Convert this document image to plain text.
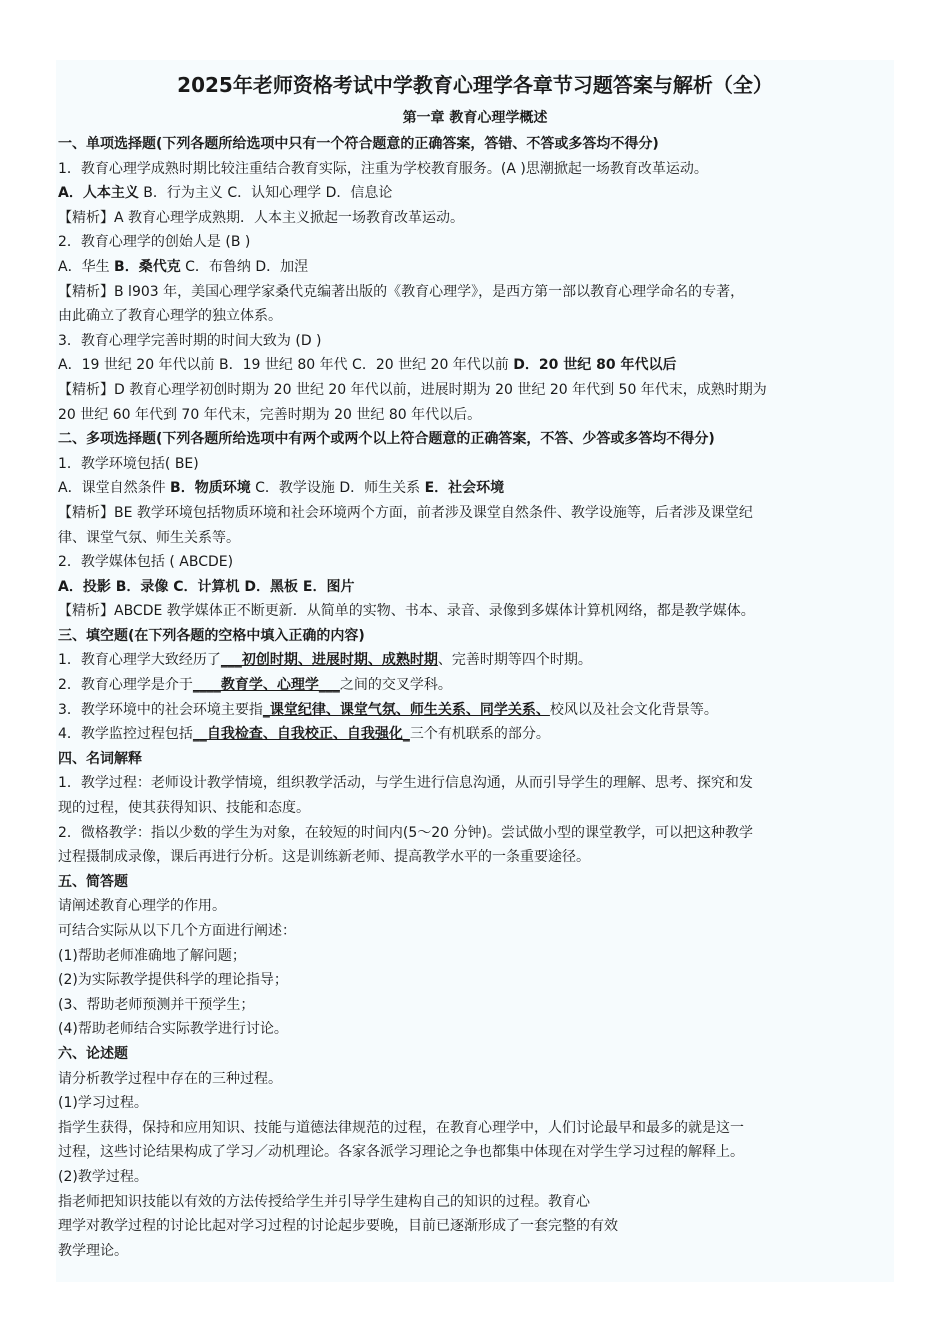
2025年老师资格考试中学教育心理学各章节习题答案与解析（全）
第一章 教育心理学概述
一、单项选择题(下列各题所给选项中只有一个符合题意的正确答案，答错、不答或多答均不得分)
1．教育心理学成熟时期比较注重结合教育实际，注重为学校教育服务。(A )思潮掀起一场教育改革运动。
A．人本主义 B．行为主义 C．认知心理学 D．信息论
【精析】A 教育心理学成熟期．人本主义掀起一场教育改革运动。
2．教育心理学的创始人是 (B )
A．华生 B．桑代克 C．布鲁纳 D．加涅
【精析】B l903 年，美国心理学家桑代克编著出版的《教育心理学》，是西方第一部以教育心理学命名的专著，
由此确立了教育心理学的独立体系。
3．教育心理学完善时期的时间大致为 (D )
A．19 世纪 20 年代以前 B．19 世纪 80 年代 C．20 世纪 20 年代以前 D．20 世纪 80 年代以后
【精析】D 教育心理学初创时期为 20 世纪 20 年代以前，进展时期为 20 世纪 20 年代到 50 年代末，成熟时期为
20 世纪 60 年代到 70 年代末，完善时期为 20 世纪 80 年代以后。
二、多项选择题(下列各题所给选项中有两个或两个以上符合题意的正确答案，不答、少答或多答均不得分)
1．教学环境包括( BE)
A．课堂自然条件 B．物质环境 C．教学设施 D．师生关系 E．社会环境
【精析】BE 教学环境包括物质环境和社会环境两个方面，前者涉及课堂自然条件、教学设施等，后者涉及课堂纪
律、课堂气氛、师生关系等。
2．教学媒体包括 ( ABCDE)
A．投影 B．录像 C．计算机 D．黑板 E．图片
【精析】ABCDE 教学媒体正不断更新．从简单的实物、书本、录音、录像到多媒体计算机网络，都是教学媒体。
三、填空题(在下列各题的空格中填入正确的内容)
1．教育心理学大致经历了___初创时期、进展时期、成熟时期、完善时期等四个时期。
2．教育心理学是介于____教育学、心理学___之间的交叉学科。
3．教学环境中的社会环境主要指_课堂纪律、课堂气氛、师生关系、同学关系、校风以及社会文化背景等。
4．教学监控过程包括__自我检查、自我校正、自我强化_三个有机联系的部分。
四、名词解释
1．教学过程：老师设计教学情境，组织教学活动，与学生进行信息沟通，从而引导学生的理解、思考、探究和发
现的过程，使其获得知识、技能和态度。
2．微格教学：指以少数的学生为对象，在较短的时间内(5～20 分钟)。尝试做小型的课堂教学，可以把这种教学
过程摄制成录像，课后再进行分析。这是训练新老师、提高教学水平的一条重要途径。
五、简答题
请阐述教育心理学的作用。
可结合实际从以下几个方面进行阐述：
(1)帮助老师准确地了解问题；
(2)为实际教学提供科学的理论指导；
(3、帮助老师预测并干预学生；
(4)帮助老师结合实际教学进行讨论。
六、论述题
请分析教学过程中存在的三种过程。
(1)学习过程。
指学生获得，保持和应用知识、技能与道德法律规范的过程，在教育心理学中，人们讨论最早和最多的就是这一
过程，这些讨论结果构成了学习／动机理论。各家各派学习理论之争也都集中体现在对学生学习过程的解释上。
(2)教学过程。
指老师把知识技能以有效的方法传授给学生并引导学生建构自己的知识的过程。教育心
理学对教学过程的讨论比起对学习过程的讨论起步要晚，目前已逐渐形成了一套完整的有效
教学理论。
